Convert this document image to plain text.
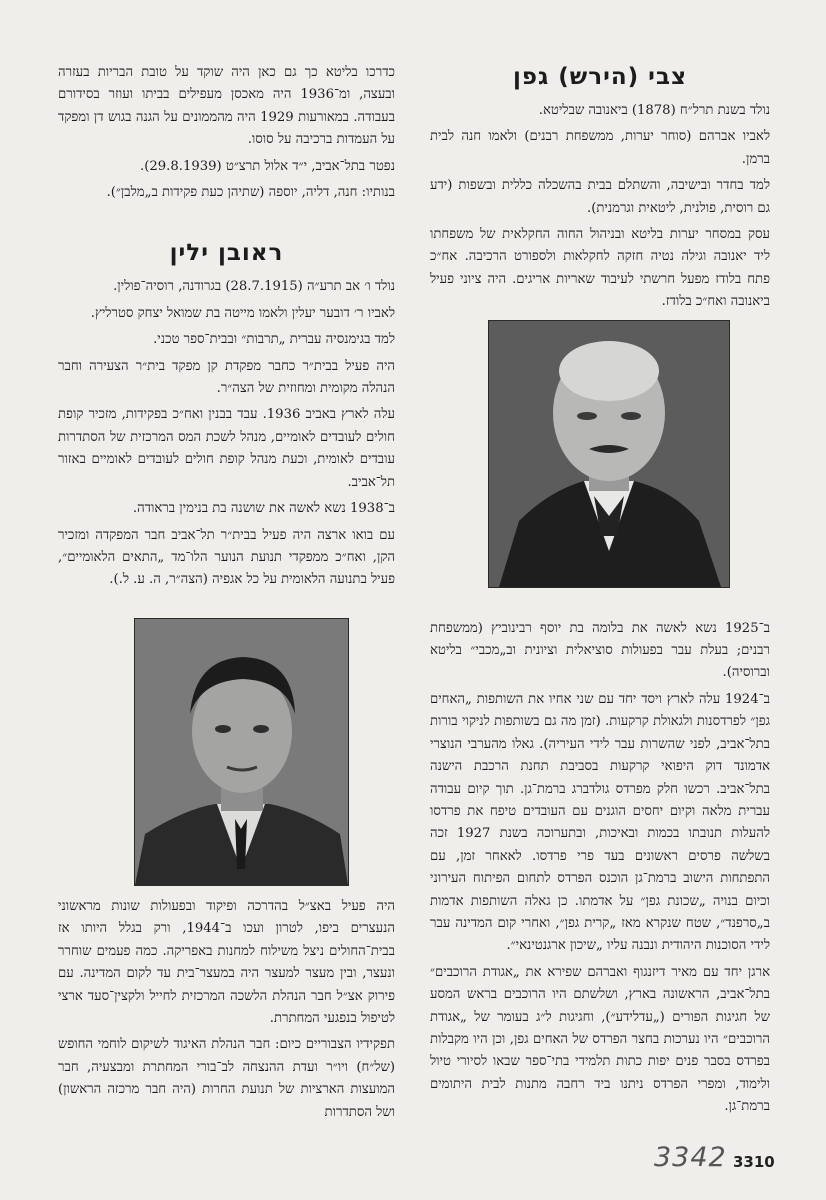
צבי (הירש) גפן

נולד בשנת תרל״ח (1878) ביאנובה שבליטא.

לאביו אברהם (סוחר יערות, ממשפחת רבנים) ולאמו חנה לבית ברמן.

למד בחדר ובישיבה, והשתלם בבית בהשכלה כללית ובשפות (ידע גם רוסית, פולנית, ליטאית וגרמנית).

עסק במסחר יערות בליטא ובניהול החוה החקלאית של משפחתו ליד יאנובה וגילה נטיה חזקה לחקלאות ולספורט הרכיבה. אח״כ פתח בלודז מפעל חרשתי לעיבוד שאריות אריגים. היה ציוני פעיל ביאנובה ואח״כ בלודז.

ב־1925 נשא לאשה את בלומה בת יוסף רבינוביץ (ממשפחת רבנים; בעלת עבר בפעולות סוציאלית וציונית וב„מכבי״ בליטא וברוסיה).

ב־1924 עלה לארץ ויסד יחד עם שני אחיו את השותפות „האחים גפן״ לפרדסנות ולגאולת קרקעות. (זמן מה גם בשותפות לניקוי בורות בתל־אביב, לפני שהשרות עבר לידי העיריה). גאלו מהערבי הנוצרי אדמונד דוק היפואי קרקעות בסביבת תחנת הרכבת הישנה בתל־אביב. רכשו חלק מפרדס גולדברג ברמת־גן. תוך קיום עבודה עברית מלאה וקיום יחסים הוגנים עם העובדים טיפח את פרדסו להעלות תנובתו בכמות ובאיכות, ובתערוכה בשנת 1927 זכה בשלשה פרסים ראשונים בעד פרי פרדסו. לאאחר זמן, עם התפתחות הישוב ברמת־גן הוכנס הפרדס לתחום הפיתוח העירוני וכיום בנויה „שכונת גפן״ על אדמתו. כן גאלה השותפות אדמות ב„סרפנד״, שטח שנקרא מאז „קרית גפן״, ואחרי קום המדינה עבר לידי הסוכנות היהודית ונבנה עליו „שיכון ארגנטינאי״.

ארגן יחד עם מאיר דיזנגוף ואברהם שפירא את „אגודת הרוכבים״ בתל־אביב, הראשונה בארץ, ושלשתם היו הרוכבים בראש המסע של חגיגות הפורים („עדלידע״), וחגיגות ל״ג בעומר של „אגודת הרוכבים״ היו נערכות בחצר הפרדס של האחים גפן, וכן היו מקבלות בפרדס בסבר פנים יפות כתות תלמידי בתי־ספר שבאו לסיורי טיול ולימוד, ומפרי הפרדס ניתנו ביד רחבה מתנות לבית היתומים ברמת־גן.

כדרכו בליטא כך גם כאן היה שוקד על טובת הבריות בעזרה ובעצה, ומ־1936 היה מאכסן מעפילים בביתו ועוזר בסידורם בעבודה. במאורעות 1929 היה מהממונים על הגנה בגוש דן ומפקד על העמדות ברכיבה על סוסו.

נפטר בתל־אביב, י״ד אלול תרצ״ט (29.8.1939).

בנותיו: חנה, דליה, יוספה (שתיהן כעת פקידות ב„מלבן״).

ראובן ילין

נולד ו׳ אב תרע״ה (28.7.1915) בגרודנה, רוסיה־פולין.

לאביו ר׳ דובער יעלין ולאמו מייטה בת שמואל יצחק סטרליץ.

למד בגימנסיה עברית „תרבות״ ובבית־ספר טכני.

היה פעיל בבית״ר כחבר מפקדת קן מפקד בית״ר הצעירה וחבר הנהלה מקומית ומחוזית של הצה״ר.

עלה לארץ באביב 1936. עבד בבנין ואח״כ בפקידות, מזכיר קופת חולים לעובדים לאומיים, מנהל לשכת המס המרכזית של הסתדרות עובדים לאומית, וכעת מנהל קופת חולים לעובדים לאומיים באזור תל־אביב.

ב־1938 נשא לאשה את שושנה בת בנימין בראודה.

עם בואו ארצה היה פעיל בבית״ר תל־אביב חבר המפקדה ומזכיר הקן, ואח״כ ממפקדי תנועת הנוער הלו־מד „התאים הלאומיים״, פעיל בתנועה הלאומית על כל אגפיה (הצה״ר, ה. ע. ל.).

היה פעיל באצ״ל בהדרכה ופיקוד ובפעולות שונות מראשוני הנעצרים ביפו, לטרון ועכו ב־1944, ורק בגלל היותו אז בבית־החולים ניצל משילוח למחנות באפריקה. כמה פעמים שוחרר ונעצר, ובין מעצר למעצר היה במעצר־בית עד לקום המדינה. עם פירוק אצ״ל חבר הנהלת הלשכה המרכזית לחייל ולקצין־סעד ארצי לטיפול בנפגעי המחתרת.

תפקידיו הצבוריים כיום: חבר הנהלת האיגוד לשיקום לוחמי החופש (של״ח) ויו״ר ועדת ההנצחה לב־בורי המחתרת ומבצעיה, חבר המועצות הארציות של תנועת החרות (היה חבר מרכזה הראשון) ושל הסתדרות

3342 3310
